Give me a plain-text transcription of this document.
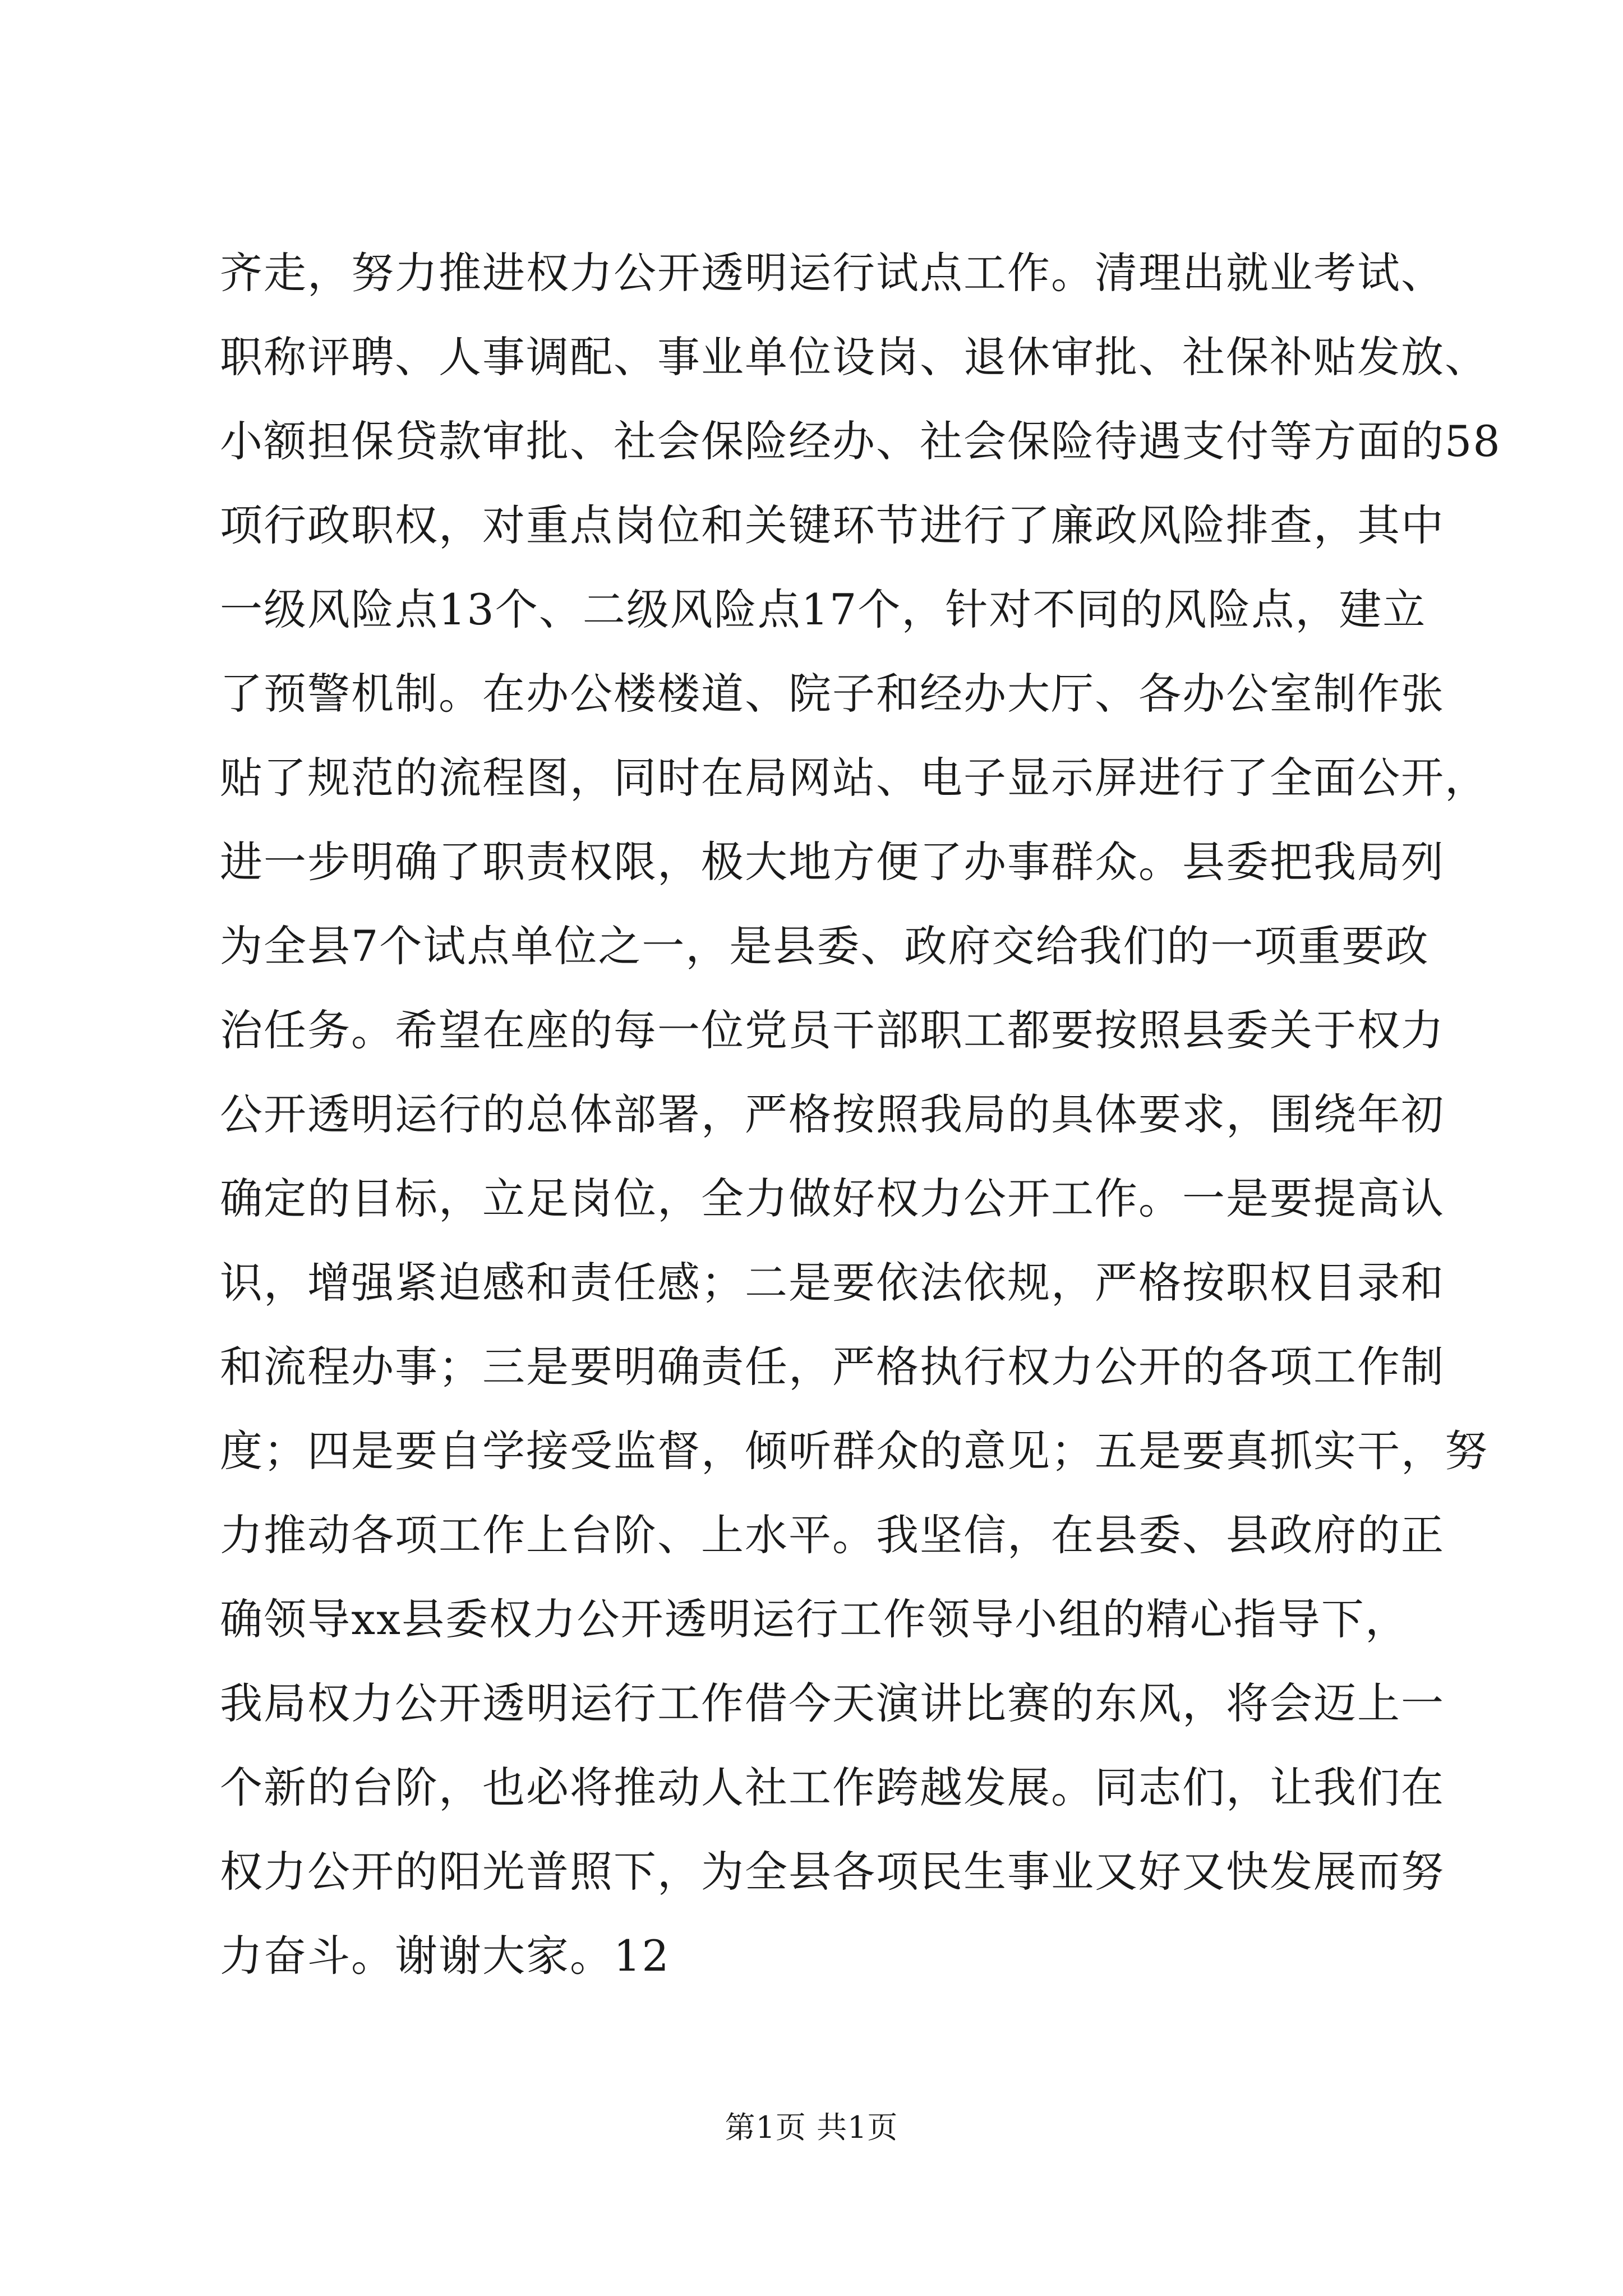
齐走，努力推进权力公开透明运行试点工作。清理出就业考试、
职称评聘、人事调配、事业单位设岗、退休审批、社保补贴发放、
小额担保贷款审批、社会保险经办、社会保险待遇支付等方面的58
项行政职权，对重点岗位和关键环节进行了廉政风险排查，其中
一级风险点13个、二级风险点17个，针对不同的风险点，建立
了预警机制。在办公楼楼道、院子和经办大厅、各办公室制作张
贴了规范的流程图，同时在局网站、电子显示屏进行了全面公开，
进一步明确了职责权限，极大地方便了办事群众。县委把我局列
为全县7个试点单位之一，是县委、政府交给我们的一项重要政
治任务。希望在座的每一位党员干部职工都要按照县委关于权力
公开透明运行的总体部署，严格按照我局的具体要求，围绕年初
确定的目标，立足岗位，全力做好权力公开工作。一是要提高认
识，增强紧迫感和责任感；二是要依法依规，严格按职权目录和
和流程办事；三是要明确责任，严格执行权力公开的各项工作制
度；四是要自学接受监督，倾听群众的意见；五是要真抓实干，努
力推动各项工作上台阶、上水平。我坚信，在县委、县政府的正
确领导xx县委权力公开透明运行工作领导小组的精心指导下，
我局权力公开透明运行工作借今天演讲比赛的东风，将会迈上一
个新的台阶，也必将推动人社工作跨越发展。同志们，让我们在
权力公开的阳光普照下，为全县各项民生事业又好又快发展而努
力奋斗。谢谢大家。12
第1页 共1页
